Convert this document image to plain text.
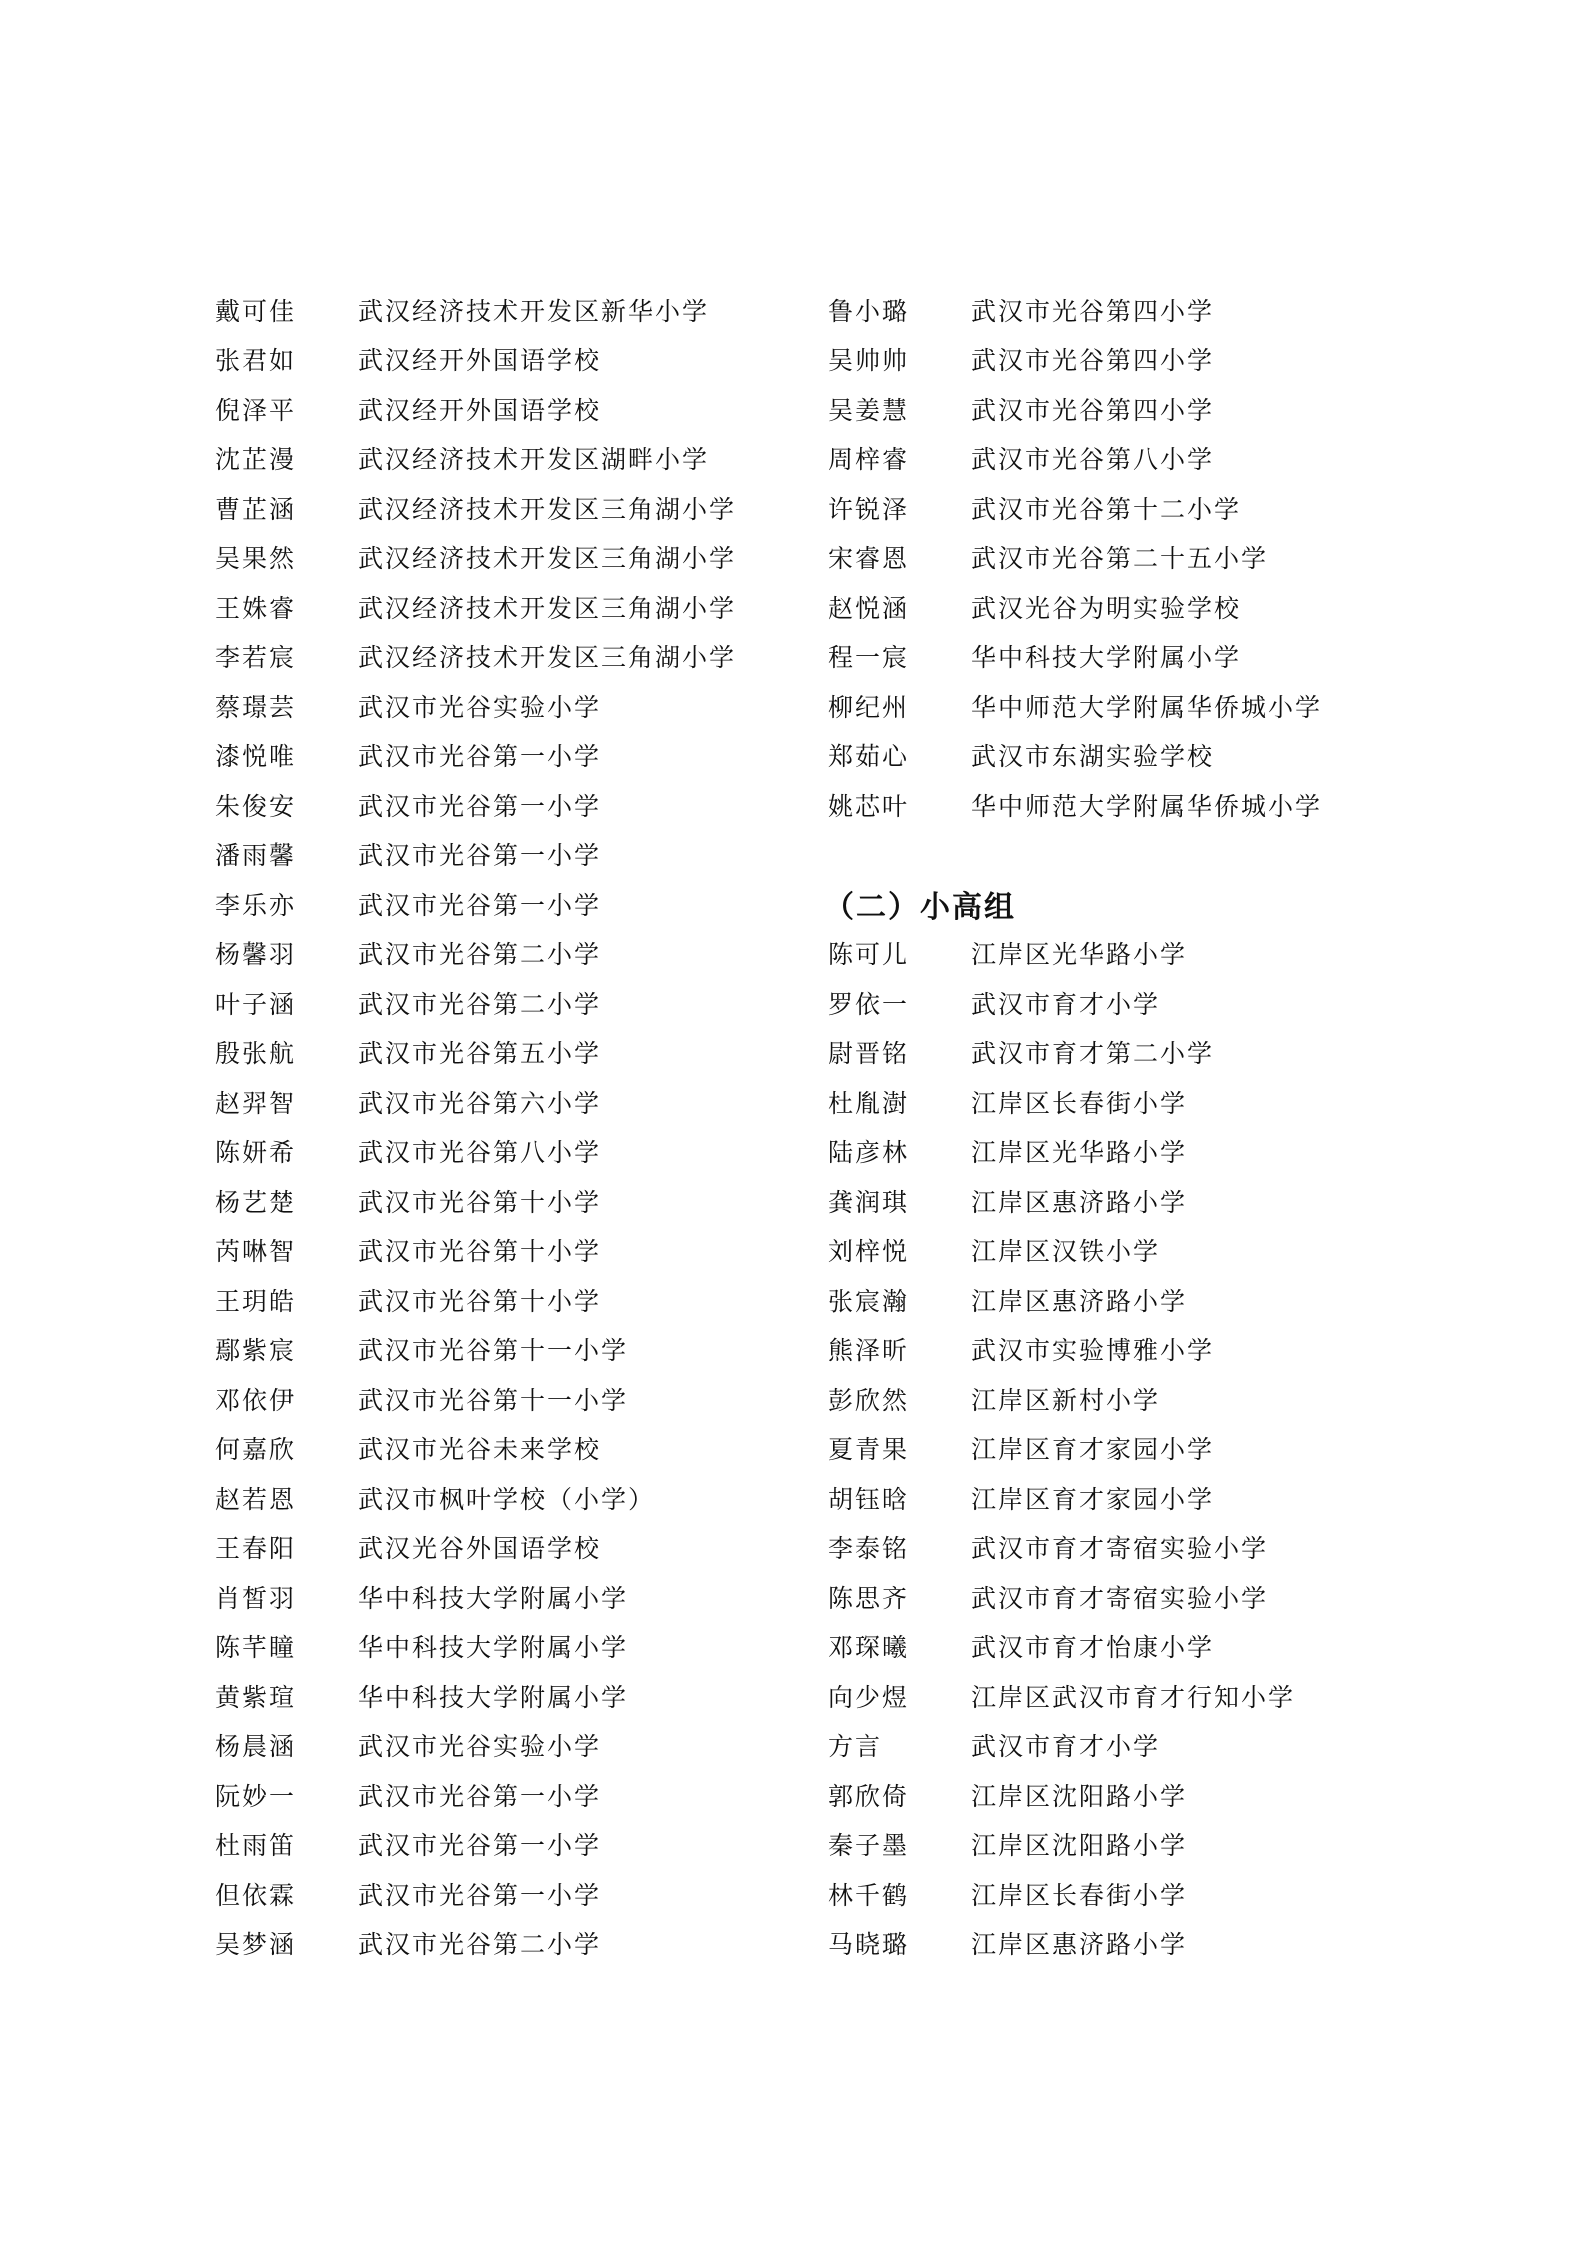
戴可佳	武汉经济技术开发区新华小学
张君如	武汉经开外国语学校
倪泽平	武汉经开外国语学校
沈芷漫	武汉经济技术开发区湖畔小学
曹芷涵	武汉经济技术开发区三角湖小学
吴果然	武汉经济技术开发区三角湖小学
王姝睿	武汉经济技术开发区三角湖小学
李若宸	武汉经济技术开发区三角湖小学
蔡璟芸	武汉市光谷实验小学
漆悦唯	武汉市光谷第一小学
朱俊安	武汉市光谷第一小学
潘雨馨	武汉市光谷第一小学
李乐亦	武汉市光谷第一小学
杨馨羽	武汉市光谷第二小学
叶子涵	武汉市光谷第二小学
殷张航	武汉市光谷第五小学
赵羿智	武汉市光谷第六小学
陈妍希	武汉市光谷第八小学
杨艺楚	武汉市光谷第十小学
芮啉智	武汉市光谷第十小学
王玥皓	武汉市光谷第十小学
鄢紫宸	武汉市光谷第十一小学
邓依伊	武汉市光谷第十一小学
何嘉欣	武汉市光谷未来学校
赵若恩	武汉市枫叶学校（小学）
王春阳	武汉光谷外国语学校
肖皙羽	华中科技大学附属小学
陈芊瞳	华中科技大学附属小学
黄紫瑄	华中科技大学附属小学
杨晨涵	武汉市光谷实验小学
阮妙一	武汉市光谷第一小学
杜雨笛	武汉市光谷第一小学
但依霖	武汉市光谷第一小学
吴梦涵	武汉市光谷第二小学
鲁小璐	武汉市光谷第四小学
吴帅帅	武汉市光谷第四小学
吴姜慧	武汉市光谷第四小学
周梓睿	武汉市光谷第八小学
许锐泽	武汉市光谷第十二小学
宋睿恩	武汉市光谷第二十五小学
赵悦涵	武汉光谷为明实验学校
程一宸	华中科技大学附属小学
柳纪州	华中师范大学附属华侨城小学
郑茹心	武汉市东湖实验学校
姚芯叶	华中师范大学附属华侨城小学
（二）小高组
陈可儿	江岸区光华路小学
罗依一	武汉市育才小学
尉晋铭	武汉市育才第二小学
杜胤澍	江岸区长春街小学
陆彦林	江岸区光华路小学
龚润琪	江岸区惠济路小学
刘梓悦	江岸区汉铁小学
张宸瀚	江岸区惠济路小学
熊泽昕	武汉市实验博雅小学
彭欣然	江岸区新村小学
夏青果	江岸区育才家园小学
胡钰晗	江岸区育才家园小学
李泰铭	武汉市育才寄宿实验小学
陈思齐	武汉市育才寄宿实验小学
邓琛曦	武汉市育才怡康小学
向少煜	江岸区武汉市育才行知小学
方言	武汉市育才小学
郭欣倚	江岸区沈阳路小学
秦子墨	江岸区沈阳路小学
林千鹤	江岸区长春街小学
马晓璐	江岸区惠济路小学
